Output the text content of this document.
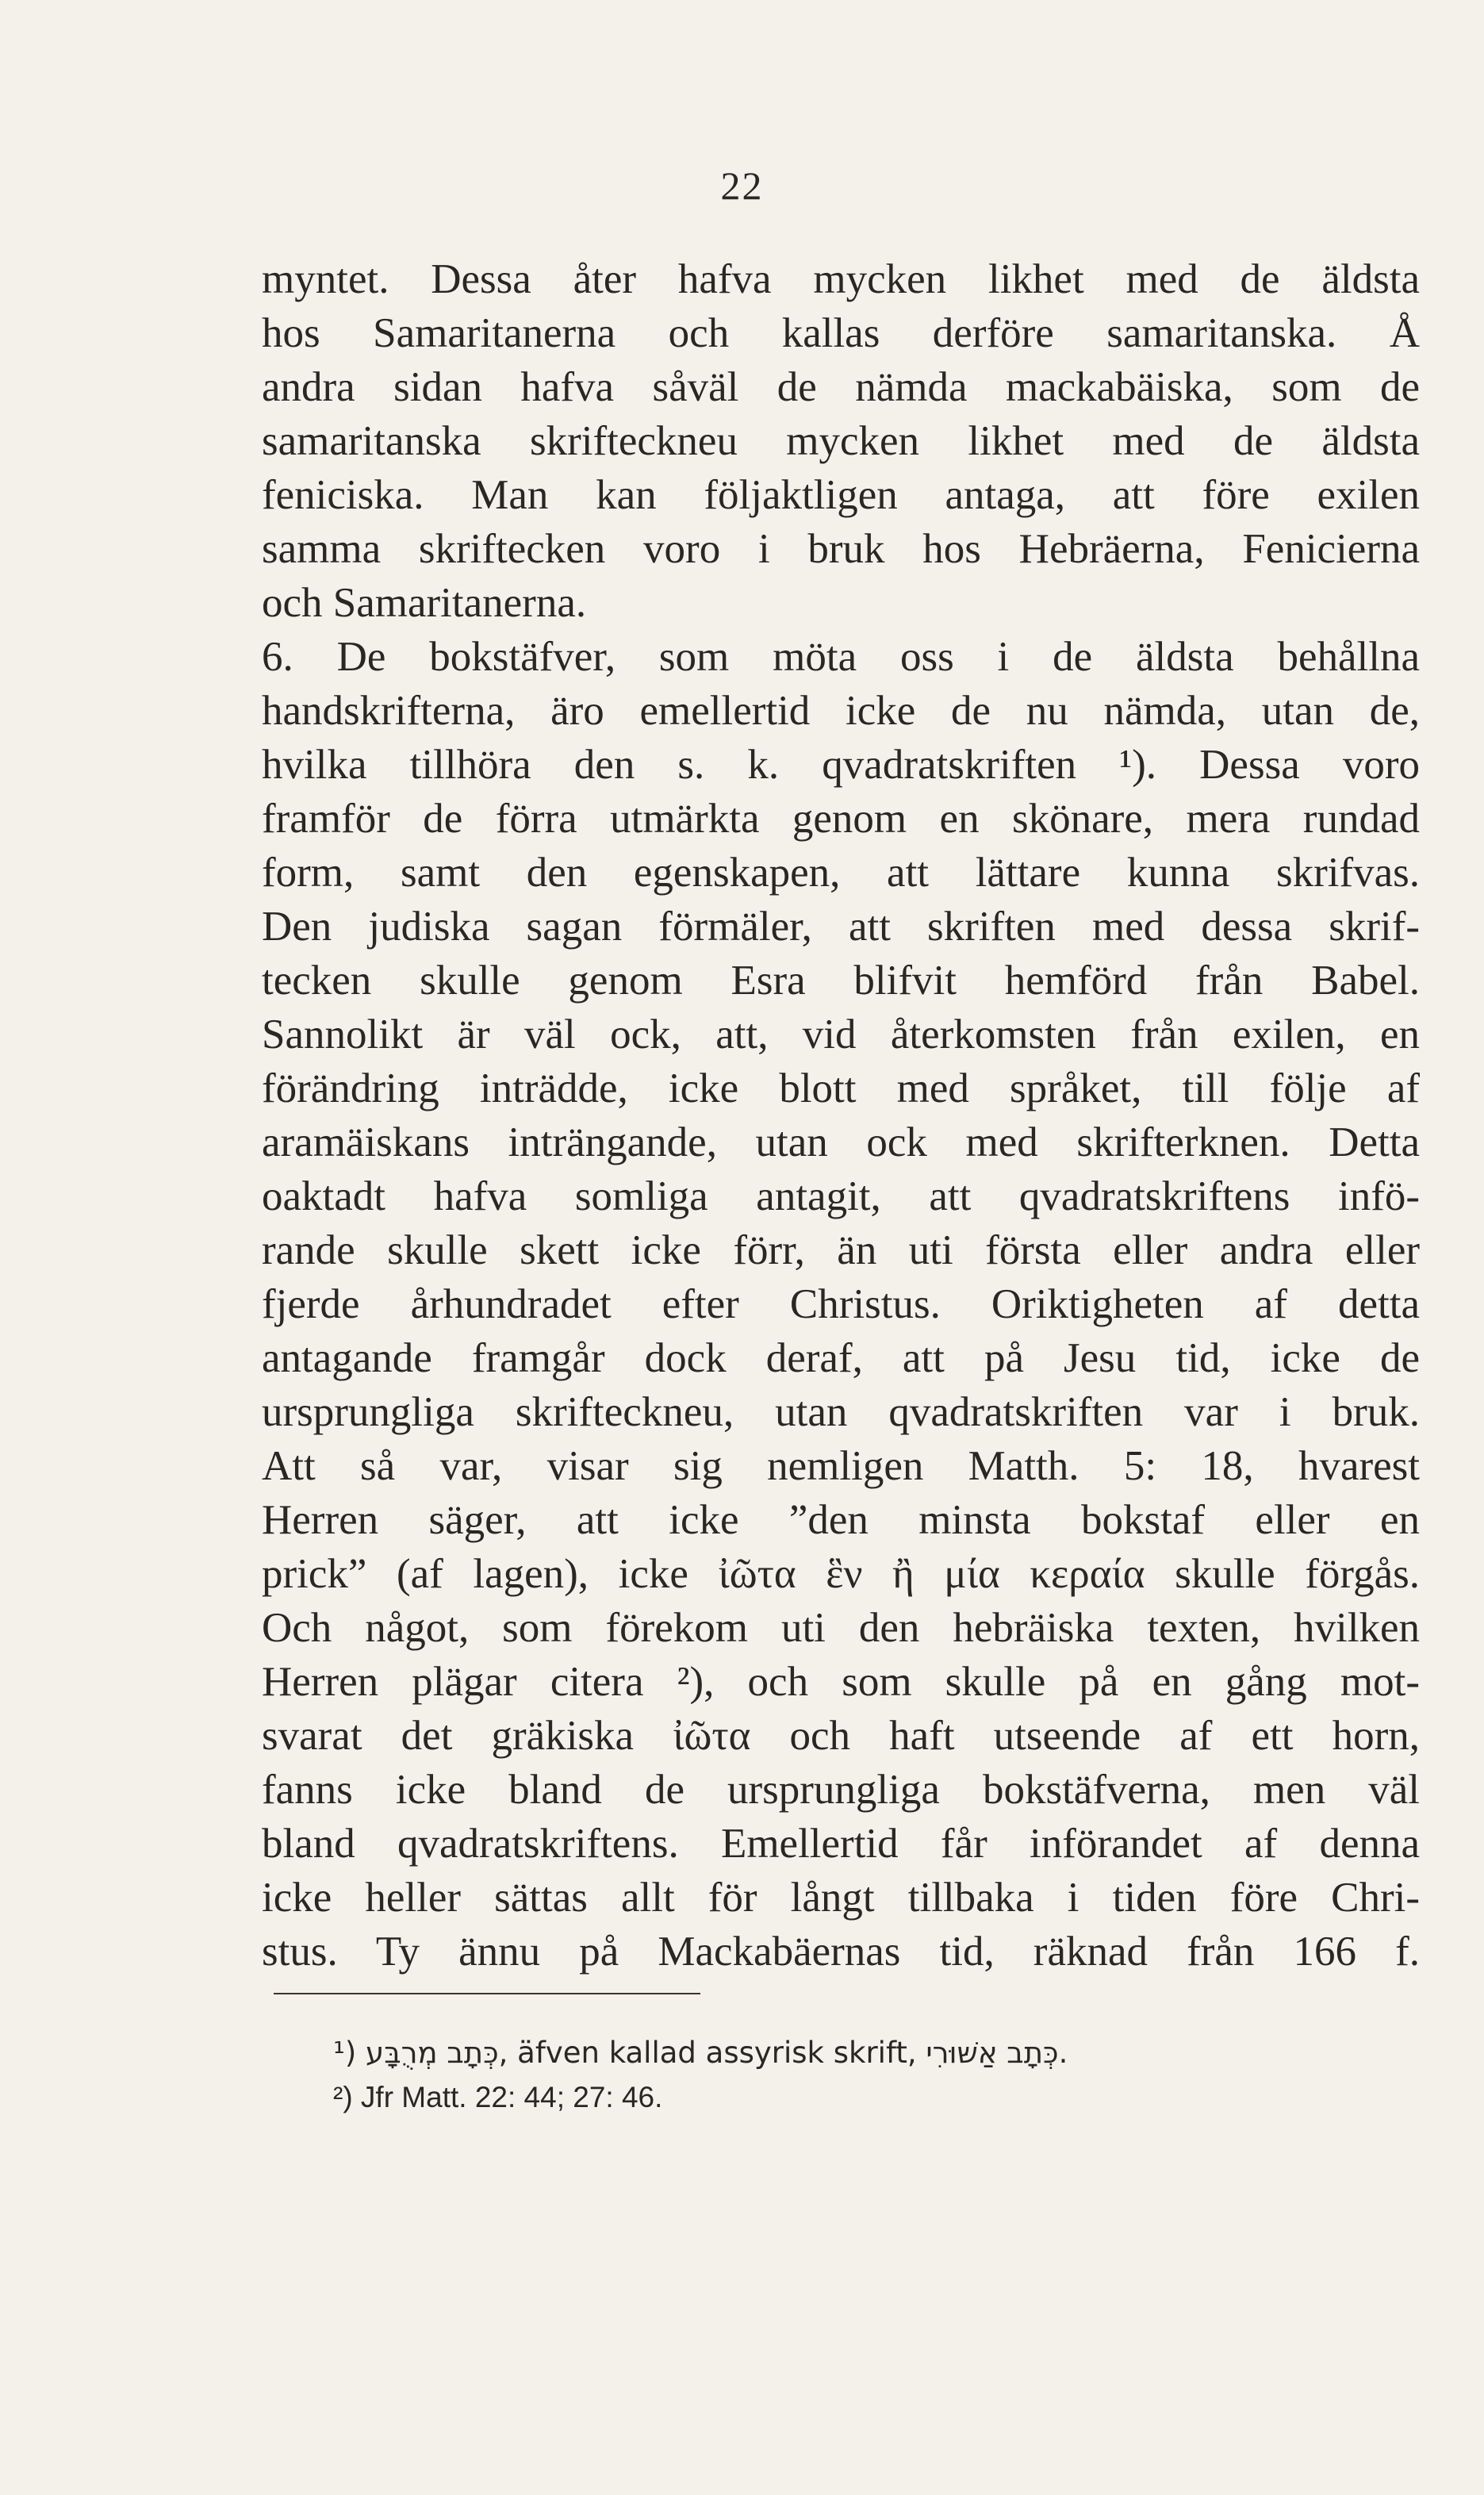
22
myntet. Dessa åter hafva mycken likhet med de äldsta
hos Samaritanerna och kallas derföre samaritanska. Å
andra sidan hafva såväl de nämda mackabäiska, som de
samaritanska skrifteckneu mycken likhet med de äldsta
feniciska. Man kan följaktligen antaga, att före exilen
samma skriftecken voro i bruk hos Hebräerna, Fenicierna
och Samaritanerna.
6. De bokstäfver, som möta oss i de äldsta behållna
handskrifterna, äro emellertid icke de nu nämda, utan de,
hvilka tillhöra den s. k. qvadratskriften ¹). Dessa voro
framför de förra utmärkta genom en skönare, mera rundad
form, samt den egenskapen, att lättare kunna skrifvas.
Den judiska sagan förmäler, att skriften med dessa skrif-
tecken skulle genom Esra blifvit hemförd från Babel.
Sannolikt är väl ock, att, vid återkomsten från exilen, en
förändring inträdde, icke blott med språket, till följe af
aramäiskans inträngande, utan ock med skrifterknen. Detta
oaktadt hafva somliga antagit, att qvadratskriftens infö-
rande skulle skett icke förr, än uti första eller andra eller
fjerde århundradet efter Christus. Oriktigheten af detta
antagande framgår dock deraf, att på Jesu tid, icke de
ursprungliga skrifteckneu, utan qvadratskriften var i bruk.
Att så var, visar sig nemligen Matth. 5: 18, hvarest
Herren säger, att icke ”den minsta bokstaf eller en
prick” (af lagen), icke ἰῶτα ἓν ἢ μία κεραία skulle förgås.
Och något, som förekom uti den hebräiska texten, hvilken
Herren plägar citera ²), och som skulle på en gång mot-
svarat det gräkiska ἰῶτα och haft utseende af ett horn,
fanns icke bland de ursprungliga bokstäfverna, men väl
bland qvadratskriftens. Emellertid får införandet af denna
icke heller sättas allt för långt tillbaka i tiden före Chri-
stus. Ty ännu på Mackabäernas tid, räknad från 166 f.
¹) כְּתָב מְרֻבָּע, äfven kallad assyrisk skrift, כְּתָב אַשּׁוּרִי.
²) Jfr Matt. 22: 44; 27: 46.
